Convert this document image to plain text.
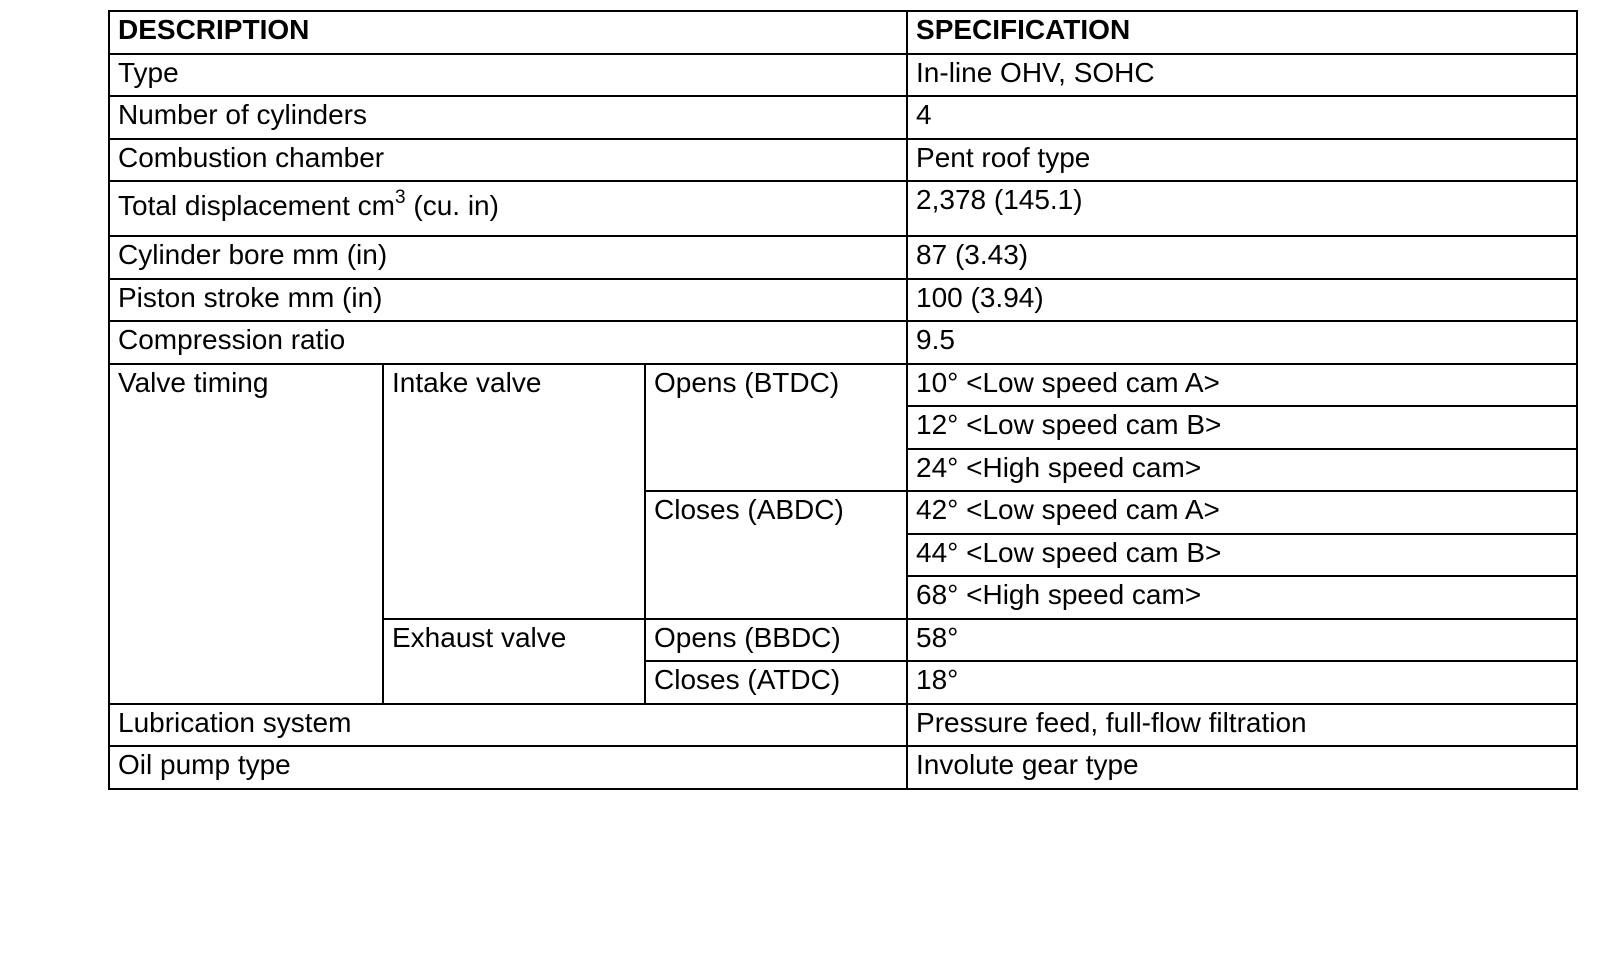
DESCRIPTION			SPECIFICATION
Type			In-line OHV, SOHC
Number of cylinders			4
Combustion chamber			Pent roof type
Total displacement $cm^3$ (cu. in)			2,378 (145.1)
Cylinder bore mm (in)			87 (3.43)
Piston stroke mm (in)			100 (3.94)
Compression ratio			9.5
Valve timing	Intake valve	Opens (BTDC)	10° <Low speed cam A>
			12° <Low speed cam B>
			24° <High speed cam>
		Closes (ABDC)	42° <Low speed cam A>
			44° <Low speed cam B>
			68° <High speed cam>
	Exhaust valve	Opens (BBDC)	58°
		Closes (ATDC)	18°
Lubrication system			Pressure feed, full-flow filtration
Oil pump type			Involute gear type
